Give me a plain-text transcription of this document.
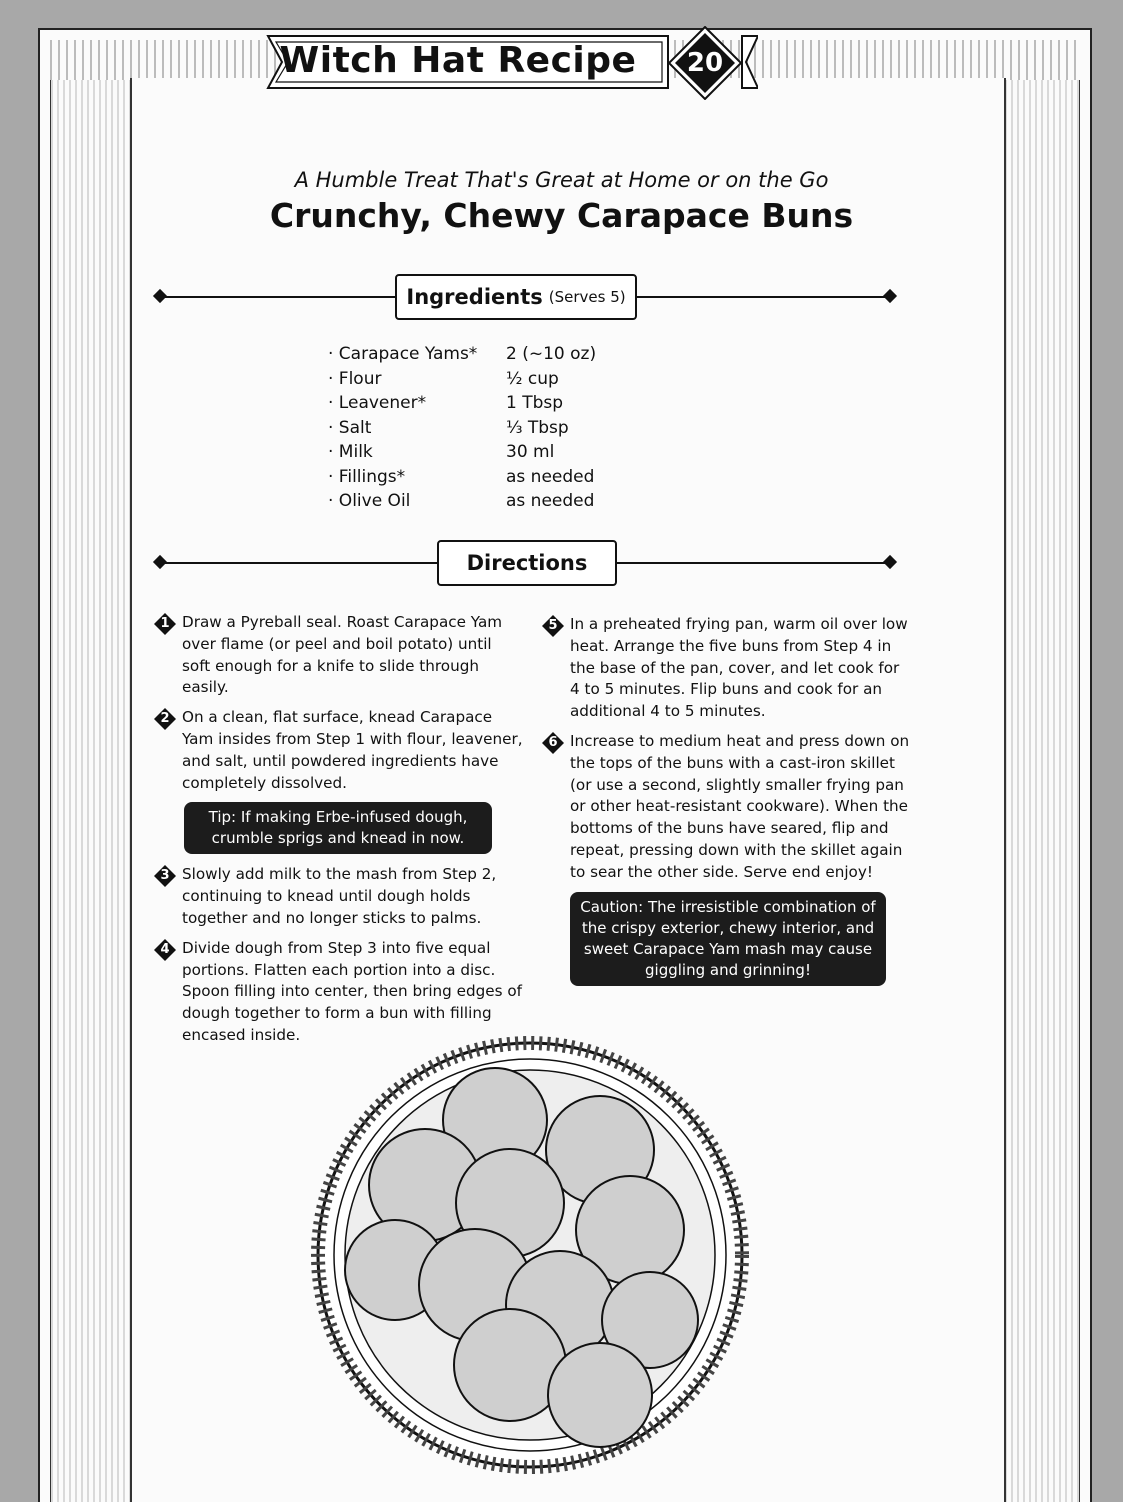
Witch Hat Recipe	20
A Humble Treat That's Great at Home or on the Go
Crunchy, Chewy Carapace Buns
Ingredients (Serves 5)
· Carapace Yams*	2 (~10 oz)
· Flour	½ cup
· Leavener*	1 Tbsp
· Salt	⅓ Tbsp
· Milk	30 ml
· Fillings*	as needed
· Olive Oil	as needed
Directions
1 Draw a Pyreball seal. Roast Carapace Yam over flame (or peel and boil potato) until soft enough for a knife to slide through easily.
2 On a clean, flat surface, knead Carapace Yam insides from Step 1 with flour, leavener, and salt, until powdered ingredients have completely dissolved.
Tip: If making Erbe-infused dough, crumble sprigs and knead in now.
3 Slowly add milk to the mash from Step 2, continuing to knead until dough holds together and no longer sticks to palms.
4 Divide dough from Step 3 into five equal portions. Flatten each portion into a disc. Spoon filling into center, then bring edges of dough together to form a bun with filling encased inside.
5 In a preheated frying pan, warm oil over low heat. Arrange the five buns from Step 4 in the base of the pan, cover, and let cook for 4 to 5 minutes. Flip buns and cook for an additional 4 to 5 minutes.
6 Increase to medium heat and press down on the tops of the buns with a cast-iron skillet (or use a second, slightly smaller frying pan or other heat-resistant cookware). When the bottoms of the buns have seared, flip and repeat, pressing down with the skillet again to sear the other side. Serve end enjoy!
Caution: The irresistible combination of the crispy exterior, chewy interior, and sweet Carapace Yam mash may cause giggling and grinning!
